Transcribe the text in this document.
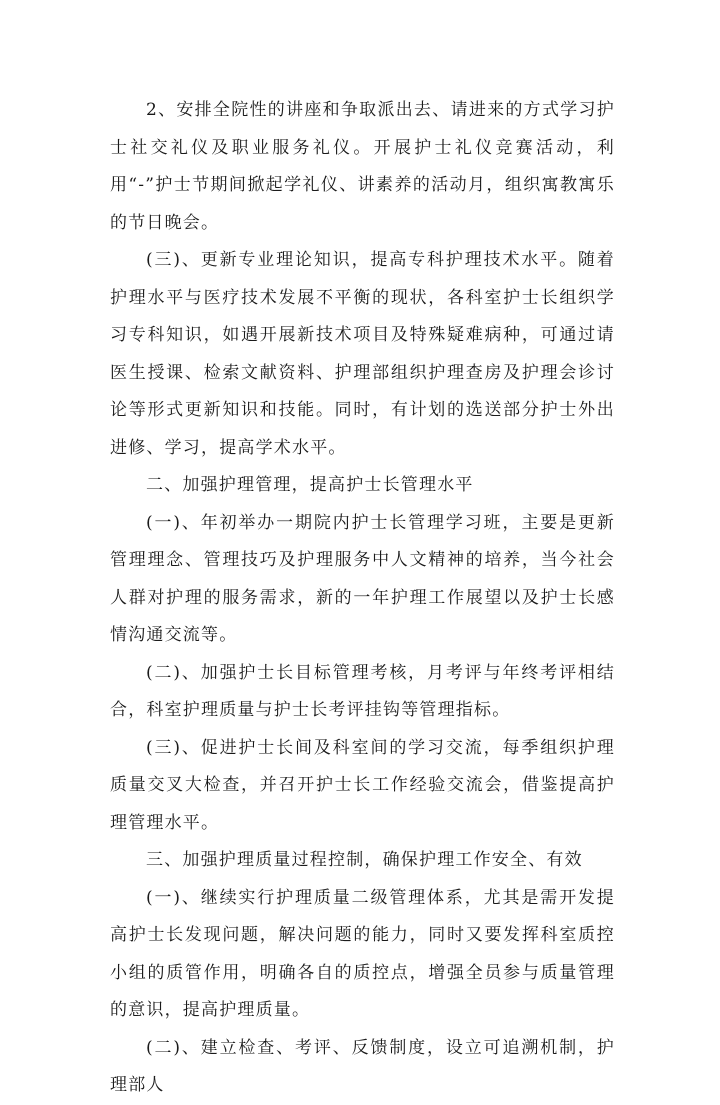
2、安排全院性的讲座和争取派出去、请进来的方式学习护士社交礼仪及职业服务礼仪。开展护士礼仪竞赛活动，利用“-”护士节期间掀起学礼仪、讲素养的活动月，组织寓教寓乐的节日晚会。

(三)、更新专业理论知识，提高专科护理技术水平。随着护理水平与医疗技术发展不平衡的现状，各科室护士长组织学习专科知识，如遇开展新技术项目及特殊疑难病种，可通过请医生授课、检索文献资料、护理部组织护理查房及护理会诊讨论等形式更新知识和技能。同时，有计划的选送部分护士外出进修、学习，提高学术水平。

二、加强护理管理，提高护士长管理水平

(一)、年初举办一期院内护士长管理学习班，主要是更新管理理念、管理技巧及护理服务中人文精神的培养，当今社会人群对护理的服务需求，新的一年护理工作展望以及护士长感情沟通交流等。

(二)、加强护士长目标管理考核，月考评与年终考评相结合，科室护理质量与护士长考评挂钩等管理指标。

(三)、促进护士长间及科室间的学习交流，每季组织护理质量交叉大检查，并召开护士长工作经验交流会，借鉴提高护理管理水平。

三、加强护理质量过程控制，确保护理工作安全、有效

(一)、继续实行护理质量二级管理体系，尤其是需开发提高护士长发现问题，解决问题的能力，同时又要发挥科室质控小组的质管作用，明确各自的质控点，增强全员参与质量管理的意识，提高护理质量。

(二)、建立检查、考评、反馈制度，设立可追溯机制，护理部人
